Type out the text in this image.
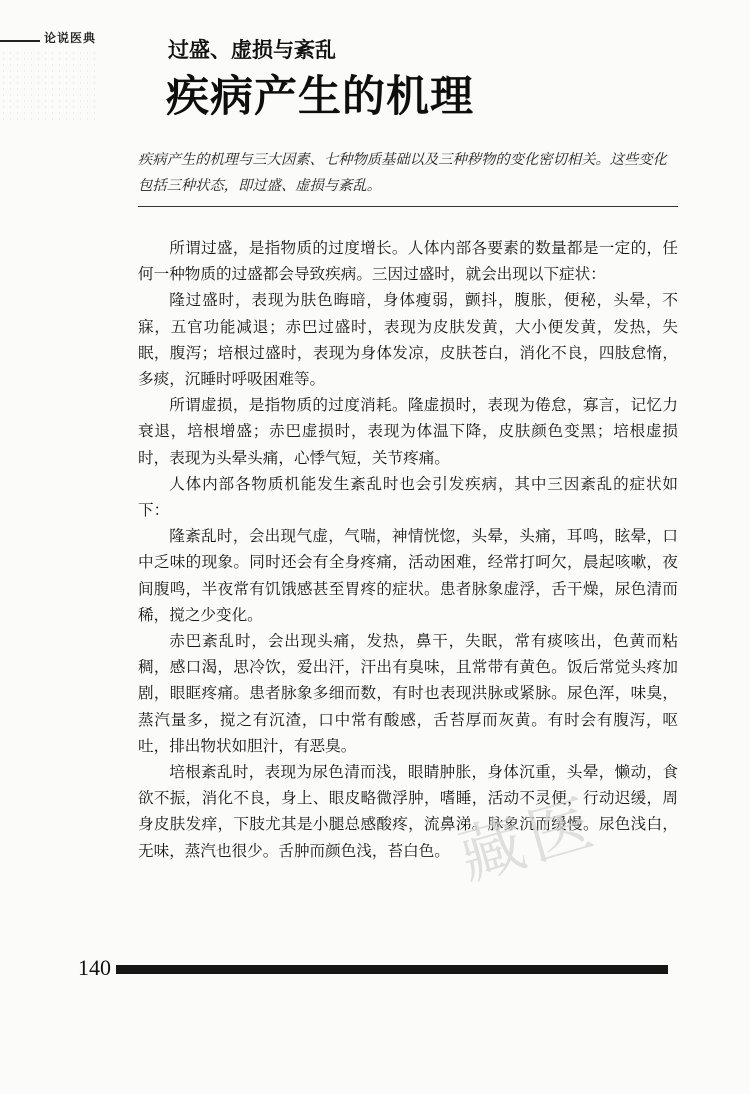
论说医典	过盛、虚损与紊乱
疾病产生的机理

疾病产生的机理与三大因素、七种物质基础以及三种秽物的变化密切相关。这些变化包括三种状态，即过盛、虚损与紊乱。

所谓过盛，是指物质的过度增长。人体内部各要素的数量都是一定的，任何一种物质的过盛都会导致疾病。三因过盛时，就会出现以下症状：

隆过盛时，表现为肤色晦暗，身体瘦弱，颤抖，腹胀，便秘，头晕，不寐，五官功能减退；赤巴过盛时，表现为皮肤发黄，大小便发黄，发热，失眠，腹泻；培根过盛时，表现为身体发凉，皮肤苍白，消化不良，四肢怠惰，多痰，沉睡时呼吸困难等。

所谓虚损，是指物质的过度消耗。隆虚损时，表现为倦怠，寡言，记忆力衰退，培根增盛；赤巴虚损时，表现为体温下降，皮肤颜色变黑；培根虚损时，表现为头晕头痛，心悸气短，关节疼痛。

人体内部各物质机能发生紊乱时也会引发疾病，其中三因紊乱的症状如下：

隆紊乱时，会出现气虚，气喘，神情恍惚，头晕，头痛，耳鸣，眩晕，口中乏味的现象。同时还会有全身疼痛，活动困难，经常打呵欠，晨起咳嗽，夜间腹鸣，半夜常有饥饿感甚至胃疼的症状。患者脉象虚浮，舌干燥，尿色清而稀，搅之少变化。

赤巴紊乱时，会出现头痛，发热，鼻干，失眠，常有痰咳出，色黄而粘稠，感口渴，思冷饮，爱出汗，汗出有臭味，且常带有黄色。饭后常觉头疼加剧，眼眶疼痛。患者脉象多细而数，有时也表现洪脉或紧脉。尿色浑，味臭，蒸汽量多，搅之有沉渣，口中常有酸感，舌苔厚而灰黄。有时会有腹泻，呕吐，排出物状如胆汁，有恶臭。

培根紊乱时，表现为尿色清而浅，眼睛肿胀，身体沉重，头晕，懒动，食欲不振，消化不良，身上、眼皮略微浮肿，嗜睡，活动不灵便，行动迟缓，周身皮肤发痒，下肢尤其是小腿总感酸疼，流鼻涕。脉象沉而缓慢。尿色浅白，无味，蒸汽也很少。舌肿而颜色浅，苔白色。 藏医
140
